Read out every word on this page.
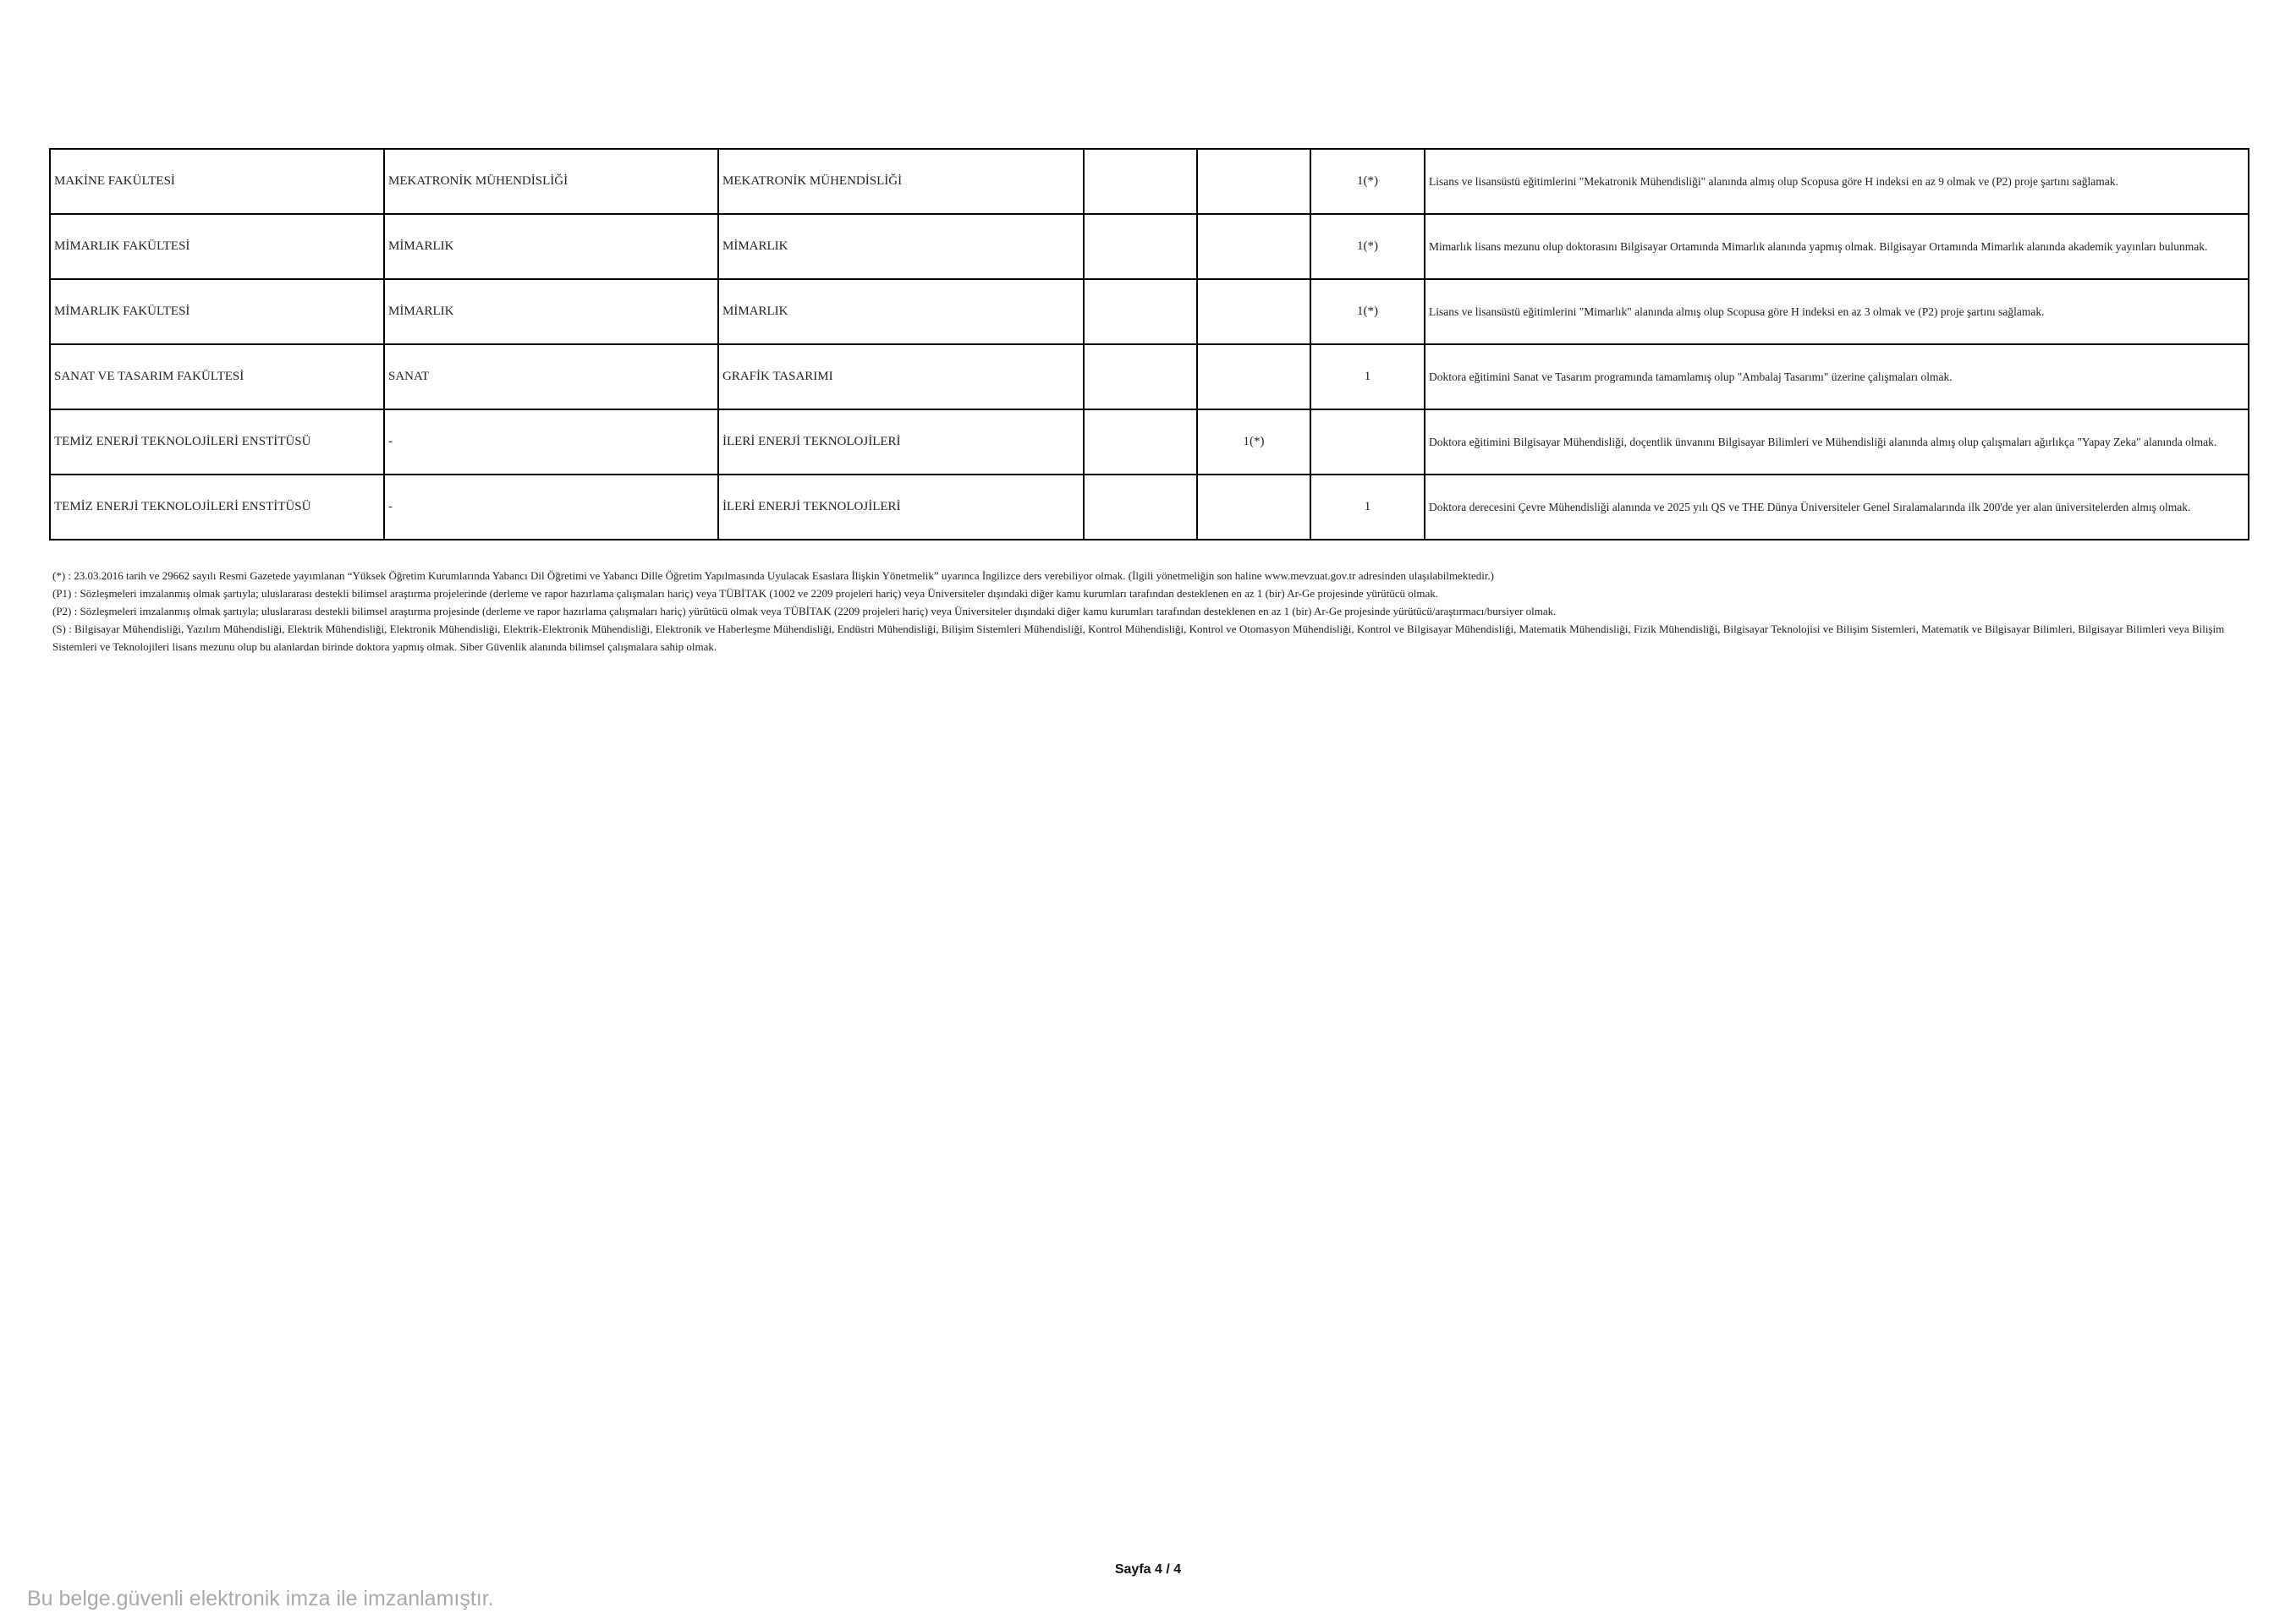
MAKİNE FAKÜLTESİ	MEKATRONİK MÜHENDİSLİĞİ	MEKATRONİK MÜHENDİSLİĞİ			1(*)	Lisans ve lisansüstü eğitimlerini "Mekatronik Mühendisliği" alanında almış olup Scopusa göre H indeksi en az 9 olmak ve (P2) proje şartını sağlamak.
MİMARLIK FAKÜLTESİ	MİMARLIK	MİMARLIK			1(*)	Mimarlık lisans mezunu olup doktorasını Bilgisayar Ortamında Mimarlık alanında yapmış olmak. Bilgisayar Ortamında Mimarlık alanında akademik yayınları bulunmak.
MİMARLIK FAKÜLTESİ	MİMARLIK	MİMARLIK			1(*)	Lisans ve lisansüstü eğitimlerini "Mimarlık" alanında almış olup Scopusa göre H indeksi en az 3 olmak ve (P2) proje şartını sağlamak.
SANAT VE TASARIM FAKÜLTESİ	SANAT	GRAFİK TASARIMI			1	Doktora eğitimini Sanat ve Tasarım programında tamamlamış olup "Ambalaj Tasarımı" üzerine çalışmaları olmak.
TEMİZ ENERJİ TEKNOLOJİLERİ ENSTİTÜSÜ	-	İLERİ ENERJİ TEKNOLOJİLERİ		1(*)		Doktora eğitimini Bilgisayar Mühendisliği, doçentlik ünvanını Bilgisayar Bilimleri ve Mühendisliği alanında almış olup çalışmaları ağırlıkça "Yapay Zeka" alanında olmak.
TEMİZ ENERJİ TEKNOLOJİLERİ ENSTİTÜSÜ	-	İLERİ ENERJİ TEKNOLOJİLERİ			1	Doktora derecesini Çevre Mühendisliği alanında ve 2025 yılı QS ve THE Dünya Üniversiteler Genel Sıralamalarında ilk 200'de yer alan üniversitelerden almış olmak.

(*) : 23.03.2016 tarih ve 29662 sayılı Resmi Gazetede yayımlanan “Yüksek Öğretim Kurumlarında Yabancı Dil Öğretimi ve Yabancı Dille Öğretim Yapılmasında Uyulacak Esaslara İlişkin Yönetmelik” uyarınca İngilizce ders verebiliyor olmak. (İlgili yönetmeliğin son haline www.mevzuat.gov.tr adresinden ulaşılabilmektedir.)

(P1) : Sözleşmeleri imzalanmış olmak şartıyla; uluslararası destekli bilimsel araştırma projelerinde (derleme ve rapor hazırlama çalışmaları hariç) veya TÜBİTAK (1002 ve 2209 projeleri hariç) veya Üniversiteler dışındaki diğer kamu kurumları tarafından desteklenen en az 1 (bir) Ar-Ge projesinde yürütücü olmak.

(P2) : Sözleşmeleri imzalanmış olmak şartıyla; uluslararası destekli bilimsel araştırma projesinde (derleme ve rapor hazırlama çalışmaları hariç) yürütücü olmak veya TÜBİTAK (2209 projeleri hariç) veya Üniversiteler dışındaki diğer kamu kurumları tarafından desteklenen en az 1 (bir) Ar-Ge projesinde yürütücü/araştırmacı/bursiyer olmak.

(S) : Bilgisayar Mühendisliği, Yazılım Mühendisliği, Elektrik Mühendisliği, Elektronik Mühendisliği, Elektrik-Elektronik Mühendisliği, Elektronik ve Haberleşme Mühendisliği, Endüstri Mühendisliği, Bilişim Sistemleri Mühendisliği, Kontrol Mühendisliği, Kontrol ve Otomasyon Mühendisliği, Kontrol ve Bilgisayar Mühendisliği, Matematik Mühendisliği, Fizik Mühendisliği, Bilgisayar Teknolojisi ve Bilişim Sistemleri, Matematik ve Bilgisayar Bilimleri, Bilgisayar Bilimleri veya Bilişim Sistemleri ve Teknolojileri lisans mezunu olup bu alanlardan birinde doktora yapmış olmak. Siber Güvenlik alanında bilimsel çalışmalara sahip olmak.

Sayfa 4 / 4
Bu belge.güvenli elektronik imza ile imzanlamıştır.
